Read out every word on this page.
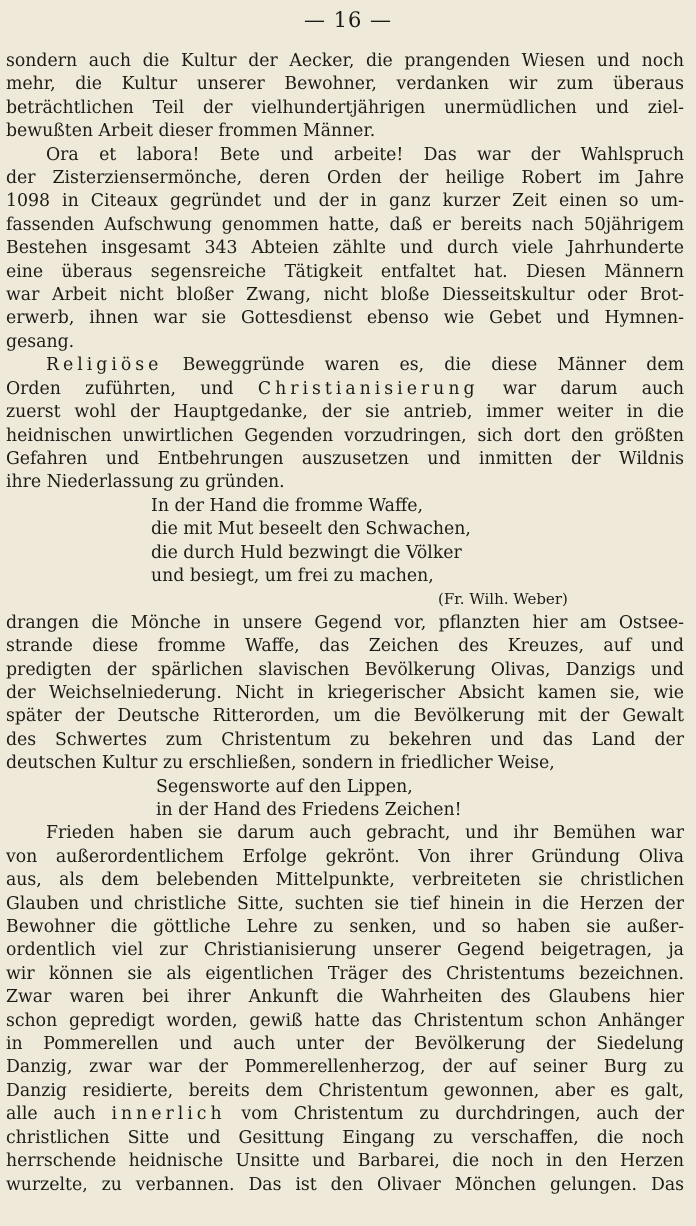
— 16 —

sondern auch die Kultur der Aecker, die prangenden Wiesen und noch
mehr, die Kultur unserer Bewohner, verdanken wir zum überaus
beträchtlichen Teil der vielhundertjährigen unermüdlichen und ziel-
bewußten Arbeit dieser frommen Männer.

Ora et labora! Bete und arbeite! Das war der Wahlspruch
der Zisterziensermönche, deren Orden der heilige Robert im Jahre
1098 in Citeaux gegründet und der in ganz kurzer Zeit einen so um-
fassenden Aufschwung genommen hatte, daß er bereits nach 50jährigem
Bestehen insgesamt 343 Abteien zählte und durch viele Jahrhunderte
eine überaus segensreiche Tätigkeit entfaltet hat. Diesen Männern
war Arbeit nicht bloßer Zwang, nicht bloße Diesseitskultur oder Brot-
erwerb, ihnen war sie Gottesdienst ebenso wie Gebet und Hymnen-
gesang.

Religiöse Beweggründe waren es, die diese Männer dem
Orden zuführten, und Christianisierung war darum auch
zuerst wohl der Hauptgedanke, der sie antrieb, immer weiter in die
heidnischen unwirtlichen Gegenden vorzudringen, sich dort den größten
Gefahren und Entbehrungen auszusetzen und inmitten der Wildnis
ihre Niederlassung zu gründen.

In der Hand die fromme Waffe,
die mit Mut beseelt den Schwachen,
die durch Huld bezwingt die Völker
und besiegt, um frei zu machen,

(Fr. Wilh. Weber)

drangen die Mönche in unsere Gegend vor, pflanzten hier am Ostsee-
strande diese fromme Waffe, das Zeichen des Kreuzes, auf und
predigten der spärlichen slavischen Bevölkerung Olivas, Danzigs und
der Weichselniederung. Nicht in kriegerischer Absicht kamen sie, wie
später der Deutsche Ritterorden, um die Bevölkerung mit der Gewalt
des Schwertes zum Christentum zu bekehren und das Land der
deutschen Kultur zu erschließen, sondern in friedlicher Weise,

Segensworte auf den Lippen,
in der Hand des Friedens Zeichen!

Frieden haben sie darum auch gebracht, und ihr Bemühen war
von außerordentlichem Erfolge gekrönt. Von ihrer Gründung Oliva
aus, als dem belebenden Mittelpunkte, verbreiteten sie christlichen
Glauben und christliche Sitte, suchten sie tief hinein in die Herzen der
Bewohner die göttliche Lehre zu senken, und so haben sie außer-
ordentlich viel zur Christianisierung unserer Gegend beigetragen, ja
wir können sie als eigentlichen Träger des Christentums bezeichnen.
Zwar waren bei ihrer Ankunft die Wahrheiten des Glaubens hier
schon gepredigt worden, gewiß hatte das Christentum schon Anhänger
in Pommerellen und auch unter der Bevölkerung der Siedelung
Danzig, zwar war der Pommerellenherzog, der auf seiner Burg zu
Danzig residierte, bereits dem Christentum gewonnen, aber es galt,
alle auch innerlich vom Christentum zu durchdringen, auch der
christlichen Sitte und Gesittung Eingang zu verschaffen, die noch
herrschende heidnische Unsitte und Barbarei, die noch in den Herzen
wurzelte, zu verbannen. Das ist den Olivaer Mönchen gelungen. Das
